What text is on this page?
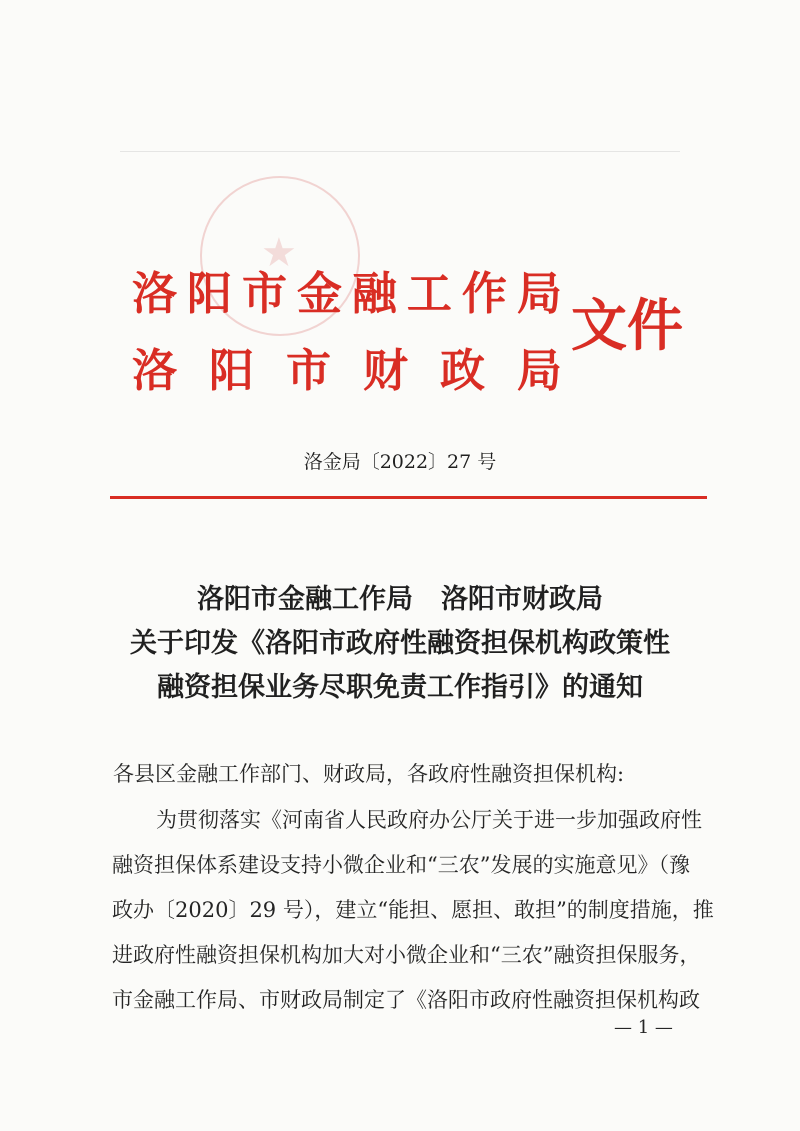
★
洛 阳 市 金 融 工 作 局
洛 阳 市 财 政 局
文件
洛金局〔2022〕27 号
洛阳市金融工作局 洛阳市财政局
关于印发《洛阳市政府性融资担保机构政策性
融资担保业务尽职免责工作指引》的通知
各县区金融工作部门、财政局，各政府性融资担保机构:
为贯彻落实《河南省人民政府办公厅关于进一步加强政府性
融资担保体系建设支持小微企业和“三农”发展的实施意见》（豫
政办〔2020〕29 号），建立“能担、愿担、敢担”的制度措施，推
进政府性融资担保机构加大对小微企业和“三农”融资担保服务，
市金融工作局、市财政局制定了《洛阳市政府性融资担保机构政
— 1 —
